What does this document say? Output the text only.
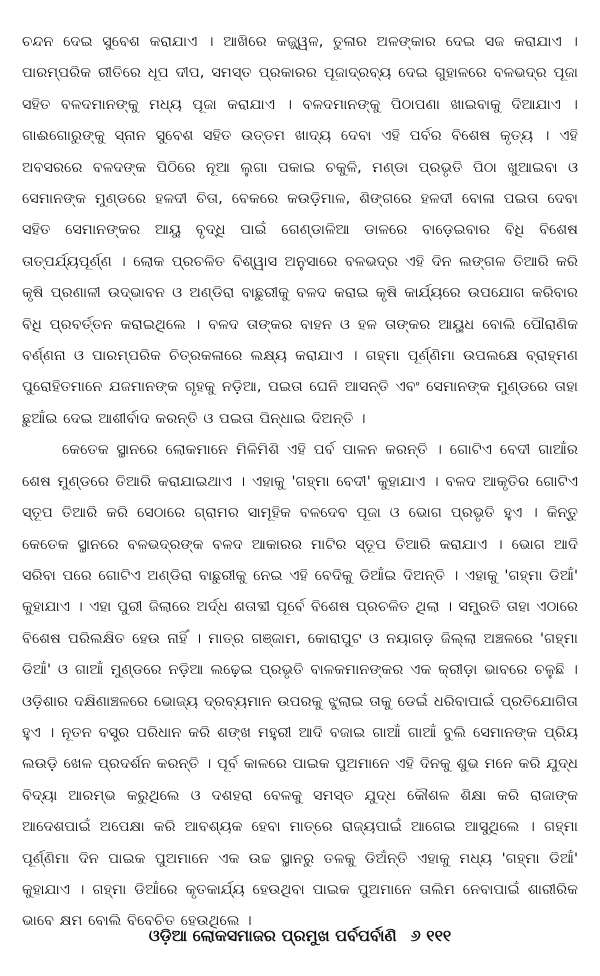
ଚନ୍ଦନ ଦେଇ ସୁବେଶ କରାଯାଏ । ଆଖିରେ କଜ୍ଜ୍ୱଳ, ତୁଳାର ଅଳଙ୍କାର ଦେଇ ସଜ କରାଯାଏ । ପାରମ୍ପରିକ ରୀତିରେ ଧୂପ ଦୀପ, ସମସ୍ତ ପ୍ରକାରର ପୂଜାଦ୍ରବ୍ୟ ଦେଇ ଗୁହାଳରେ ବଳଭଦ୍ର ପୂଜା ସହିତ ବଳଦମାନଙ୍କୁ ମଧ୍ୟ ପୂଜା କରାଯାଏ । ବଳଦମାନଙ୍କୁ ପିଠାପଣା ଖାଇବାକୁ ଦିଆଯାଏ । ଗାଈଗୋରୁଙ୍କୁ ସ୍ନାନ ସୁବେଶ ସହିତ ଉତ୍ତମ ଖାଦ୍ୟ ଦେବା ଏହି ପର୍ବର ବିଶେଷ କୃତ୍ୟ । ଏହି ଅବସରରେ ବଳଦଙ୍କ ପିଠିରେ ନୂଆ ଲୁଗା ପକାଇ ଚକୁଳି, ମଣ୍ଡା ପ୍ରଭୃତି ପିଠା ଖୁଆଇବା ଓ ସେମାନଙ୍କ ମୁଣ୍ଡରେ ହଳଦୀ ଚିତା, ବେକରେ କଉଡ଼ିମାଳ, ଶିଙ୍ଗରେ ହଳଦୀ ବୋଳା ପଇତା ଦେବା ସହିତ ସେମାନଙ୍କର ଆୟୁ ବୃଦ୍ଧି ପାଇଁ ଗେଣ୍ଡାଳିଆ ଡାଳରେ ବାଡ଼େଇବାର ବିଧି ବିଶେଷ ତାତ୍ପର୍ଯ୍ୟପୂର୍ଣ୍ଣ । ଲୋକ ପ୍ରଚଳିତ ବିଶ୍ୱାସ ଅନୁସାରେ ବଳଭଦ୍ର ଏହି ଦିନ ଲଙ୍ଗଳ ତିଆରି କରି କୃଷି ପ୍ରଣାଳୀ ଉଦ୍ଭାବନ ଓ ଅଣ୍ଡିରା ବାଛୁରୀକୁ ବଳଦ କରାଇ କୃଷି କାର୍ଯ୍ୟରେ ଉପଯୋଗ କରିବାର ବିଧି ପ୍ରବର୍ତ୍ତନ କରାଇଥିଲେ । ବଳଦ ତାଙ୍କର ବାହନ ଓ ହଳ ତାଙ୍କର ଆୟୁଧ ବୋଲି ପୌରାଣିକ ବର୍ଣ୍ଣନା ଓ ପାରମ୍ପରିକ ଚିତ୍ରକଳାରେ ଲକ୍ଷ୍ୟ କରାଯାଏ । ଗହ୍ମା ପୂର୍ଣ୍ଣିମା ଉପଲକ୍ଷେ ବ୍ରାହ୍ମଣ ପୁରୋହିତମାନେ ଯଜମାନଙ୍କ ଗୃହକୁ ନଡ଼ିଆ, ପଇତା ଘେନି ଆସନ୍ତି ଏବଂ ସେମାନଙ୍କ ମୁଣ୍ଡରେ ତାହା ଛୁଆଁଇ ଦେଇ ଆଶୀର୍ବାଦ କରନ୍ତି ଓ ପଇତା ପିନ୍ଧାଇ ଦିଅନ୍ତି ।

କେତେକ ସ୍ଥାନରେ ଲୋକମାନେ ମିଳିମିଶି ଏହି ପର୍ବ ପାଳନ କରନ୍ତି । ଗୋଟିଏ ବେଦୀ ଗାଆଁର ଶେଷ ମୁଣ୍ଡରେ ତିଆରି କରାଯାଇଥାଏ । ଏହାକୁ 'ଗହ୍ମା ବେଦୀ' କୁହାଯାଏ । ବଳଦ ଆକୃତିର ଗୋଟିଏ ସ୍ତୂପ ତିଆରି କରି ସେଠାରେ ଗ୍ରାମର ସାମୂହିକ ବଳଦେବ ପୂଜା ଓ ଭୋଗ ପ୍ରଭୃତି ହୁଏ । କିନ୍ତୁ କେତେକ ସ୍ଥାନରେ ବଳଭଦ୍ରଙ୍କ ବଳଦ ଆକାରର ମାଟିର ସ୍ତୂପ ତିଆରି କରାଯାଏ । ଭୋଗ ଆଦି ସରିବା ପରେ ଗୋଟିଏ ଅଣ୍ଡିରା ବାଛୁରୀକୁ ନେଇ ଏହି ବେଦିକୁ ଡିଆଁଇ ଦିଅନ୍ତି । ଏହାକୁ 'ଗହ୍ମା ଡିଆଁ' କୁହାଯାଏ । ଏହା ପୁରୀ ଜିଲାରେ ଅର୍ଦ୍ଧ ଶତାବ୍ଦୀ ପୂର୍ବେ ବିଶେଷ ପ୍ରଚଳିତ ଥିଲା । ସମ୍ପ୍ରତି ତାହା ଏଠାରେ ବିଶେଷ ପରିଲକ୍ଷିତ ହେଉ ନାହିଁ । ମାତ୍ର ଗଞ୍ଜାମ, କୋରାପୁଟ ଓ ନୟାଗଡ଼ ଜିଲ୍ଲା ଅଞ୍ଚଳରେ 'ଗହ୍ମା ଡିଆଁ' ଓ ଗାଆଁ ମୁଣ୍ଡରେ ନଡ଼ିଆ ଲଢ଼େଇ ପ୍ରଭୃତି ବାଳକମାନଙ୍କର ଏକ କ୍ରୀଡ଼ା ଭାବରେ ଚଳୁଛି । ଓଡ଼ିଶାର ଦକ୍ଷିଣାଞ୍ଚଳରେ ଭୋଜ୍ୟ ଦ୍ରବ୍ୟମାନ ଉପରକୁ ଝୁଲାଇ ତାକୁ ଡେଇଁ ଧରିବାପାଇଁ ପ୍ରତିଯୋଗିତା ହୁଏ । ନୂତନ ବସ୍ତ୍ର ପରିଧାନ କରି ଶଙ୍ଖ ମହୁରୀ ଆଦି ବଜାଇ ଗାଆଁ ଗାଆଁ ବୁଲି ସେମାନଙ୍କ ପ୍ରିୟ ଲଉଡ଼ି ଖେଳ ପ୍ରଦର୍ଶନ କରନ୍ତି । ପୂର୍ବ କାଳରେ ପାଇକ ପୁଅମାନେ ଏହି ଦିନକୁ ଶୁଭ ମନେ କରି ଯୁଦ୍ଧ ବିଦ୍ୟା ଆରମ୍ଭ କରୁଥିଲେ ଓ ଦଶହରା ବେଳକୁ ସମସ୍ତ ଯୁଦ୍ଧ କୌଶଳ ଶିକ୍ଷା କରି ରାଜାଙ୍କ ଆଦେଶପାଇଁ ଅପେକ୍ଷା କରି ଆବଶ୍ୟକ ହେବା ମାତ୍ରେ ରାଜ୍ୟପାଇଁ ଆଗେଇ ଆସୁଥିଲେ । ଗହ୍ମା ପୂର୍ଣ୍ଣିମା ଦିନ ପାଇକ ପୁଅମାନେ ଏକ ଉଚ୍ଚ ସ୍ଥାନରୁ ତଳକୁ ଡିଅଁନ୍ତି ଏହାକୁ ମଧ୍ୟ 'ଗହ୍ମା ଡିଆଁ' କୁହାଯାଏ । ଗହ୍ମା ଡିଆଁରେ କୃତକାର୍ଯ୍ୟ ହେଉଥିବା ପାଇକ ପୁଅମାନେ ତାଲିମ ନେବାପାଇଁ ଶାରୀରିକ ଭାବେ କ୍ଷମ ବୋଲି ବିବେଚିତ ହେଉଥିଲେ ।

ଓଡ଼ିଆ ଲୋକସମାଜର ପ୍ରମୁଖ ପର୍ବପର୍ବାଣି ୬ ୧୧୧
